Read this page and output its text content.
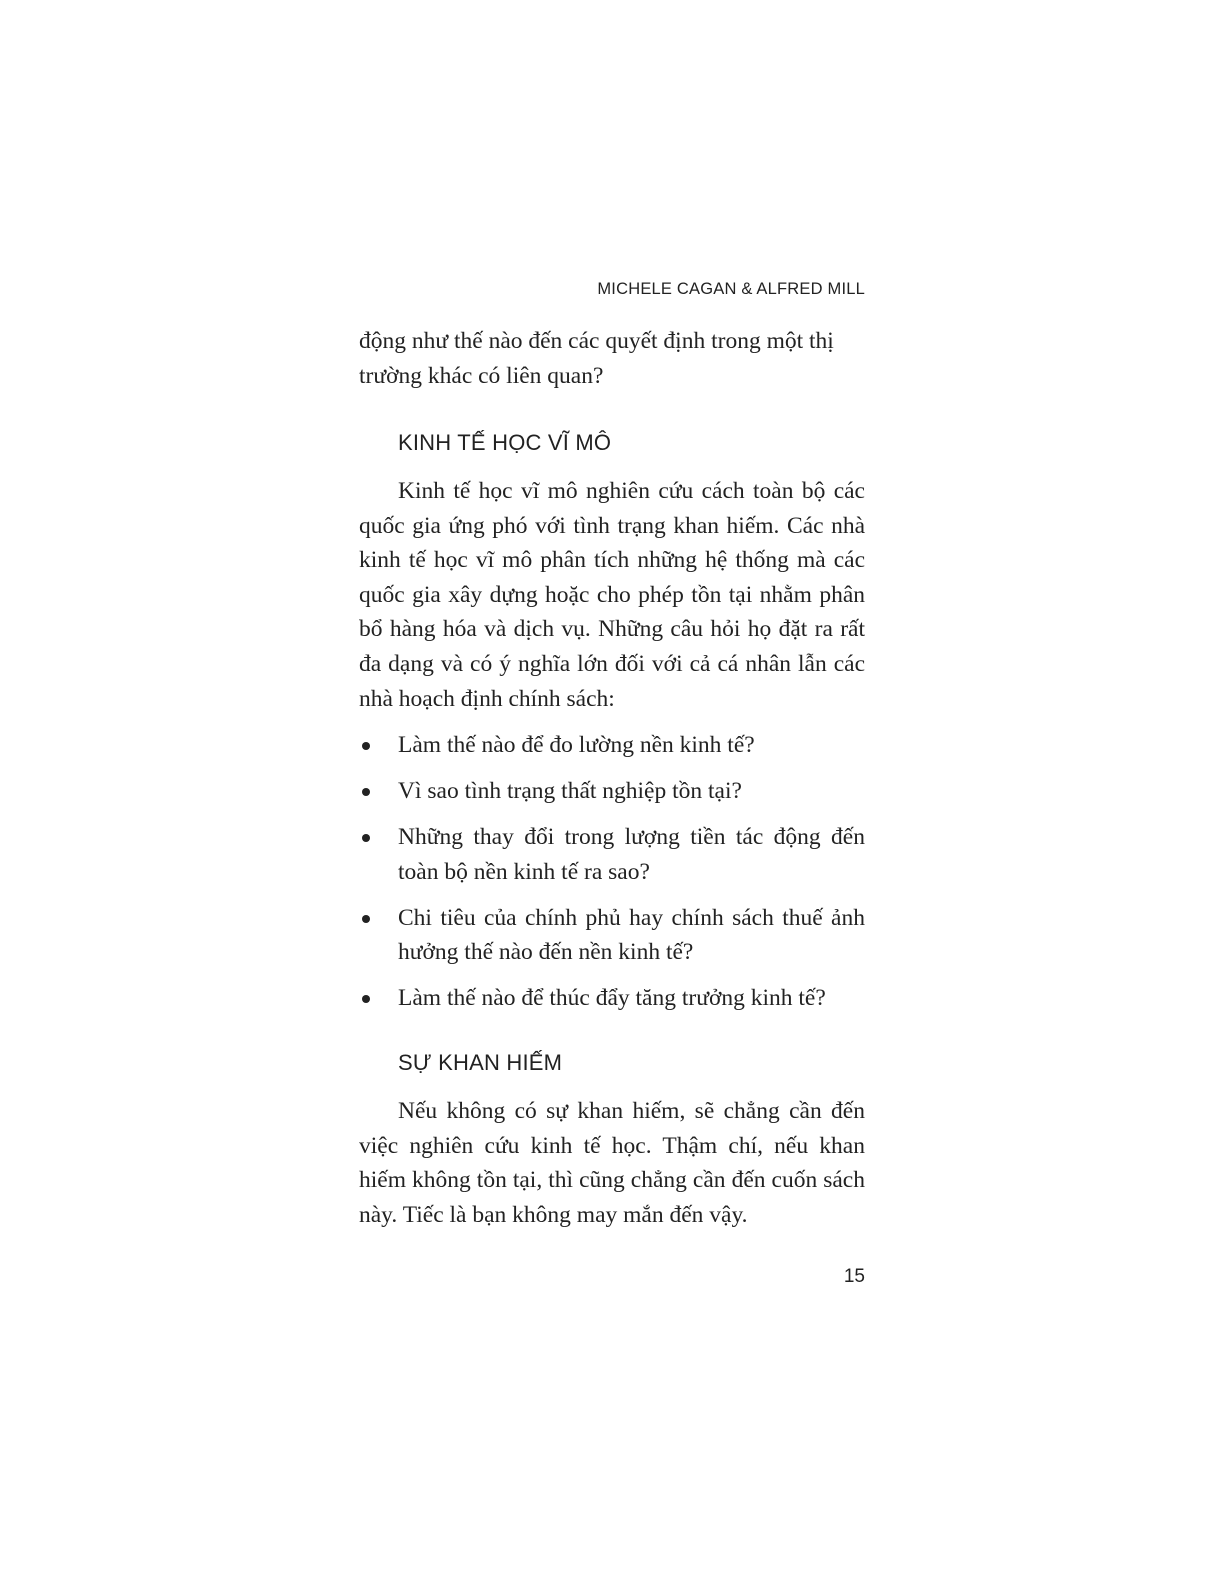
MICHELE CAGAN & ALFRED MILL

động như thế nào đến các quyết định trong một thị trường khác có liên quan?

KINH TẾ HỌC VĨ MÔ

Kinh tế học vĩ mô nghiên cứu cách toàn bộ các quốc gia ứng phó với tình trạng khan hiếm. Các nhà kinh tế học vĩ mô phân tích những hệ thống mà các quốc gia xây dựng hoặc cho phép tồn tại nhằm phân bổ hàng hóa và dịch vụ. Những câu hỏi họ đặt ra rất đa dạng và có ý nghĩa lớn đối với cả cá nhân lẫn các nhà hoạch định chính sách:

Làm thế nào để đo lường nền kinh tế?
Vì sao tình trạng thất nghiệp tồn tại?
Những thay đổi trong lượng tiền tác động đến toàn bộ nền kinh tế ra sao?
Chi tiêu của chính phủ hay chính sách thuế ảnh hưởng thế nào đến nền kinh tế?
Làm thế nào để thúc đẩy tăng trưởng kinh tế?
SỰ KHAN HIẾM

Nếu không có sự khan hiếm, sẽ chẳng cần đến việc nghiên cứu kinh tế học. Thậm chí, nếu khan hiếm không tồn tại, thì cũng chẳng cần đến cuốn sách này. Tiếc là bạn không may mắn đến vậy.

15
